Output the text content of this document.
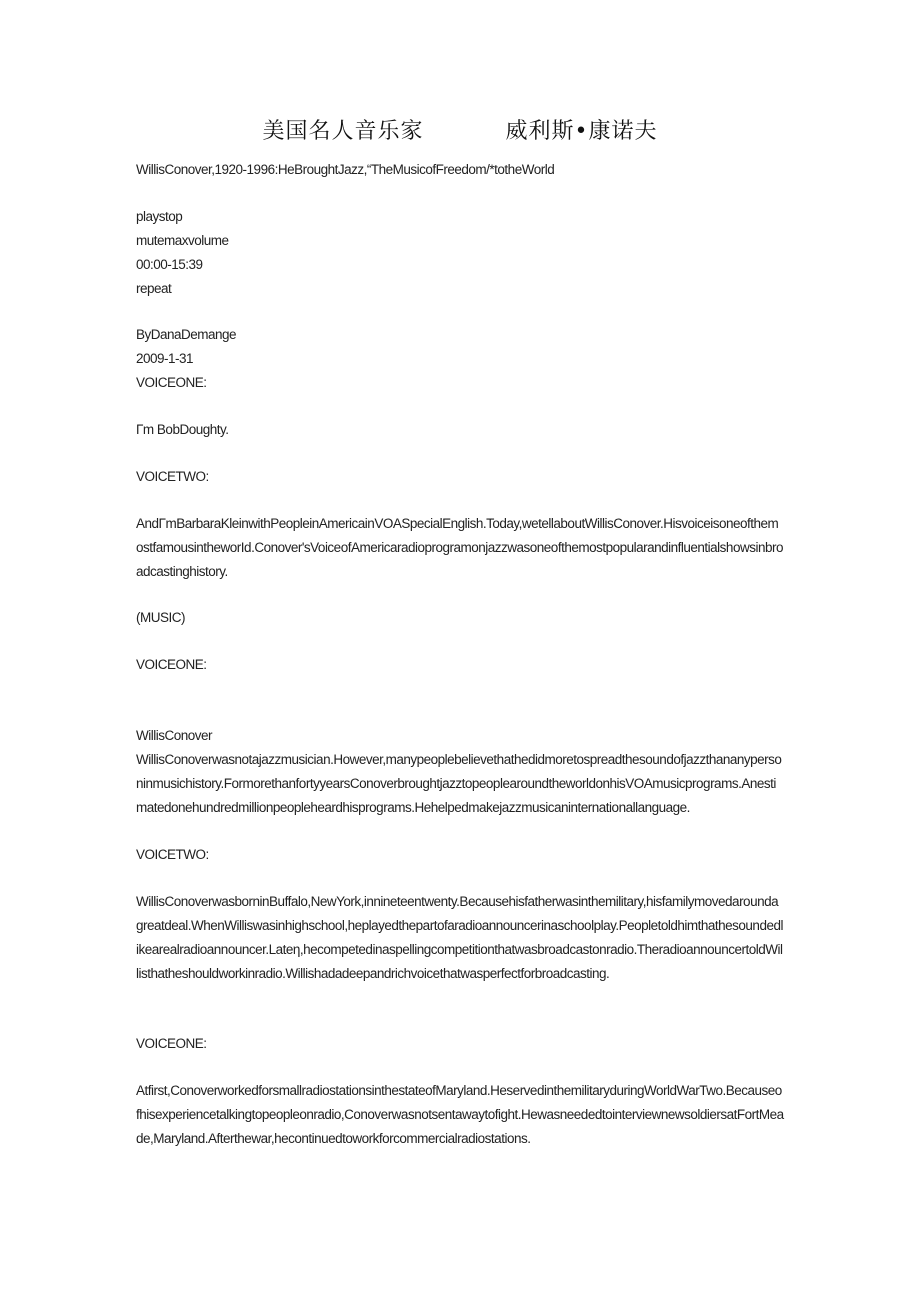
美国名人音乐家	威利斯•康诺夫
WillisConover,1920-1996:HeBroughtJazz,“TheMusicofFreedom/*totheWorld
playstop
mutemaxvolume
00:00-15:39
repeat
ByDanaDemange
2009-1-31
VOICEONE:
Γm BobDoughty.
VOICETWO:
AndΓmBarbaraKleinwithPeopleinAmericainVOASpecialEnglish.Today,wetellaboutWillisConover.HisvoiceisoneofthemostfamousintheworId.Conover'sVoiceofAmericaradioprogramonjazzwasoneofthemostpopularandinfluentialshowsinbroadcastinghistory.
(MUSIC)
VOICEONE:
WillisConover
WillisConoverwasnotajazzmusician.However,manypeoplebelievethathedidmoretospreadthesoundofjazzthananypersoninmusichistory.FormorethanfortyyearsConoverbroughtjazztopeoplearoundtheworldonhisVOAmusicprograms.Anestimatedonehundredmillionpeopleheardhisprograms.Hehelpedmakejazzmusicaninternationallanguage.
VOICETWO:
WillisConoverwasborninBuffalo,NewYork,inninetеentwenty.Becausehisfatherwasinthemilitary,hisfamilymovedaroundagreatdeal.WhenWilliswasinhighschool,heplayedthepartofaradioannouncerinaschoolplay.Peopletoldhimthathesoundedlikearealradioannouncer.Latеη,hecompetedinaspellingcompetitionthatwasbroadcastonradio.TheradioannouncertoldWillisthatheshouldworkinradio.Willishadadeepandrichvoicethatwasperfectforbroadcasting.
VOICEONE:
Atfirst,ConoverworkedforsmallradiostationsinthestateofMaryland.HeservedinthemilitaryduringWorldWarTwo.Becauseofhisexperiencetalkingtopeopleonradio,Conoverwasnotsentawaytofight.HewasneededtointerviewnewsoldiersatFortMeade,Maryland.Afterthewar,hecontinuedtoworkforcommercialradiostations.
